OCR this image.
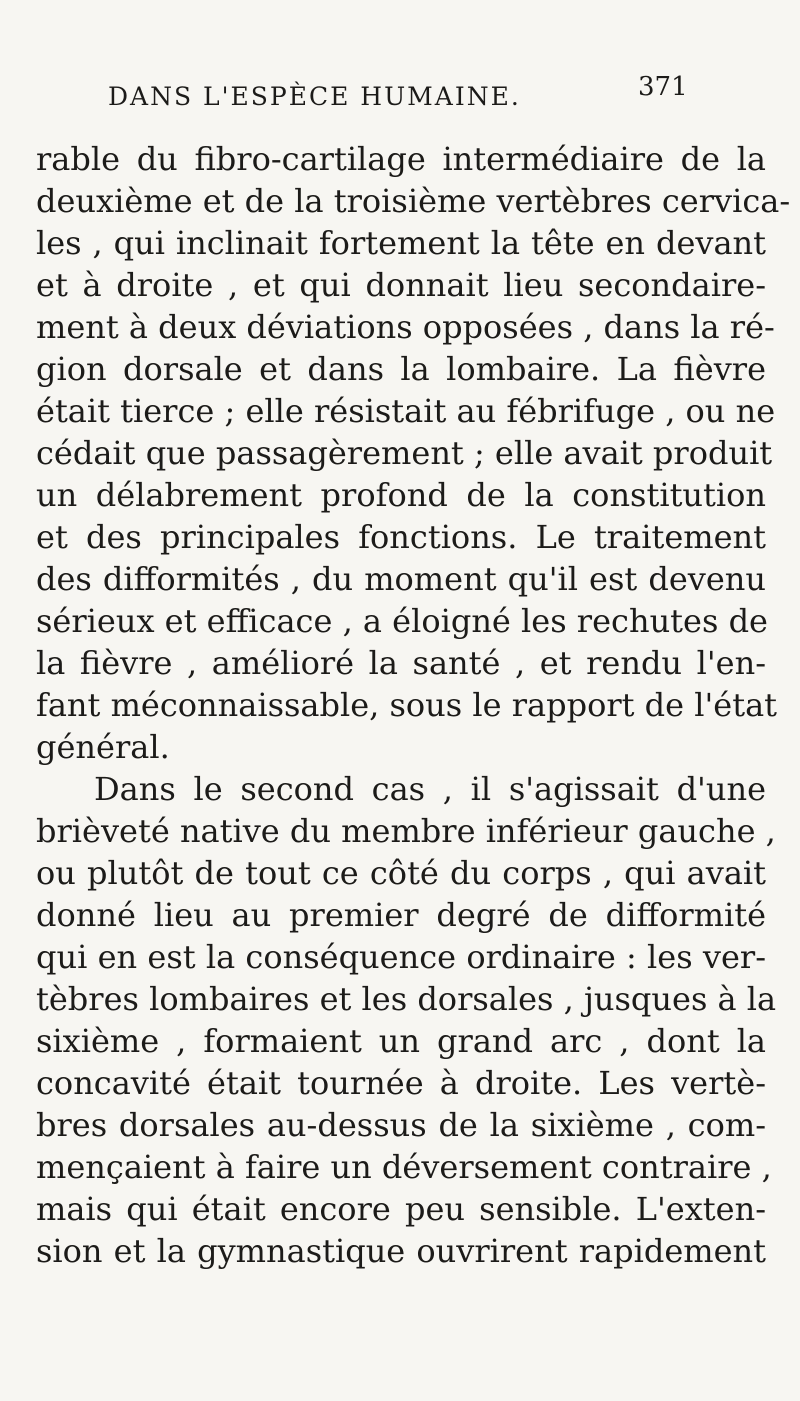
DANS L'ESPÈCE HUMAINE.	371
rable du fibro-cartilage intermédiaire de la
deuxième et de la troisième vertèbres cervica-
les , qui inclinait fortement la tête en devant
et à droite , et qui donnait lieu secondaire-
ment à deux déviations opposées , dans la ré-
gion dorsale et dans la lombaire. La fièvre
était tierce ; elle résistait au fébrifuge , ou ne
cédait que passagèrement ; elle avait produit
un délabrement profond de la constitution
et des principales fonctions. Le traitement
des difformités , du moment qu'il est devenu
sérieux et efficace , a éloigné les rechutes de
la fièvre , amélioré la santé , et rendu l'en-
fant méconnaissable, sous le rapport de l'état
général.
Dans le second cas , il s'agissait d'une
brièveté native du membre inférieur gauche ,
ou plutôt de tout ce côté du corps , qui avait
donné lieu au premier degré de difformité
qui en est la conséquence ordinaire : les ver-
tèbres lombaires et les dorsales , jusques à la
sixième , formaient un grand arc , dont la
concavité était tournée à droite. Les vertè-
bres dorsales au-dessus de la sixième , com-
mençaient à faire un déversement contraire ,
mais qui était encore peu sensible. L'exten-
sion et la gymnastique ouvrirent rapidement
